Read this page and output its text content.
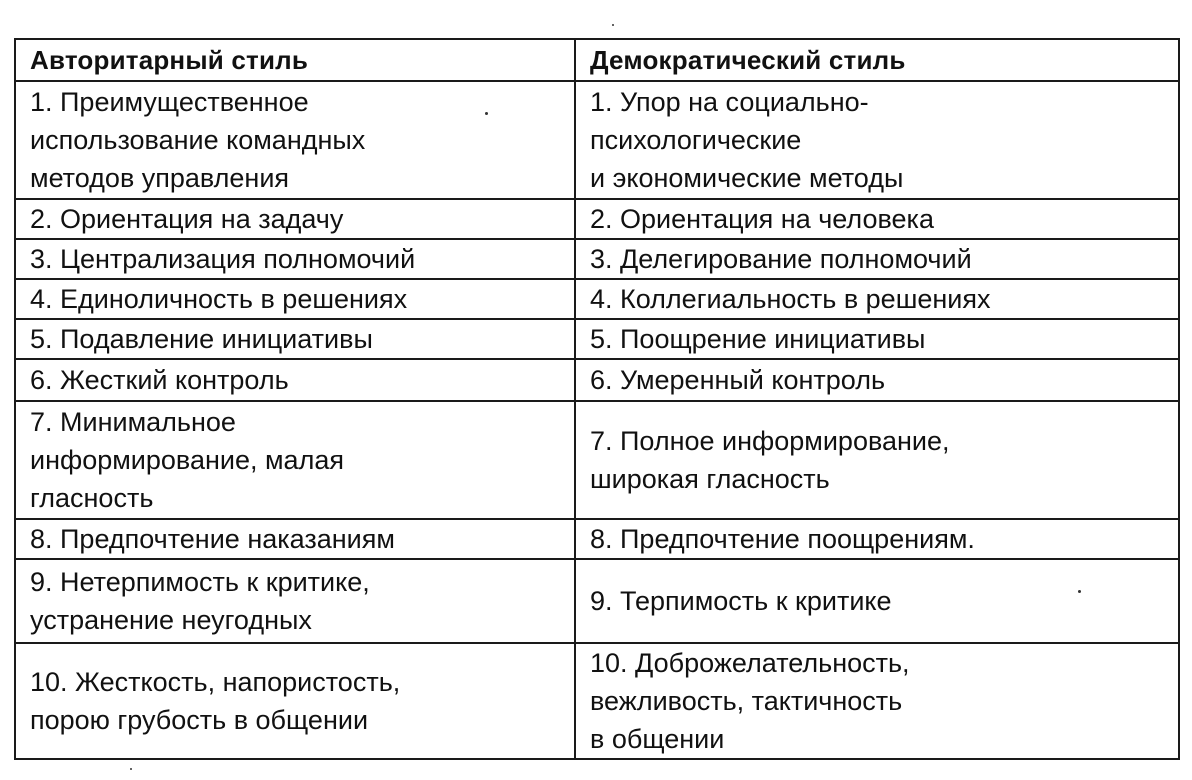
Авторитарный стиль	Демократический стиль
1. Преимущественное
использование командных
методов управления	1. Упор на социально-
психологические
и экономические методы
2. Ориентация на задачу	2. Ориентация на человека
3. Централизация полномочий	3. Делегирование полномочий
4. Единоличность в решениях	4. Коллегиальность в решениях
5. Подавление инициативы	5. Поощрение инициативы
6. Жесткий контроль	6. Умеренный контроль
7. Минимальное
информирование, малая
гласность	7. Полное информирование,
широкая гласность
8. Предпочтение наказаниям	8. Предпочтение поощрениям.
9. Нетерпимость к критике,
устранение неугодных	9. Терпимость к критике
10. Жесткость, напористость,
порою грубость в общении	10. Доброжелательность,
вежливость, тактичность
в общении
